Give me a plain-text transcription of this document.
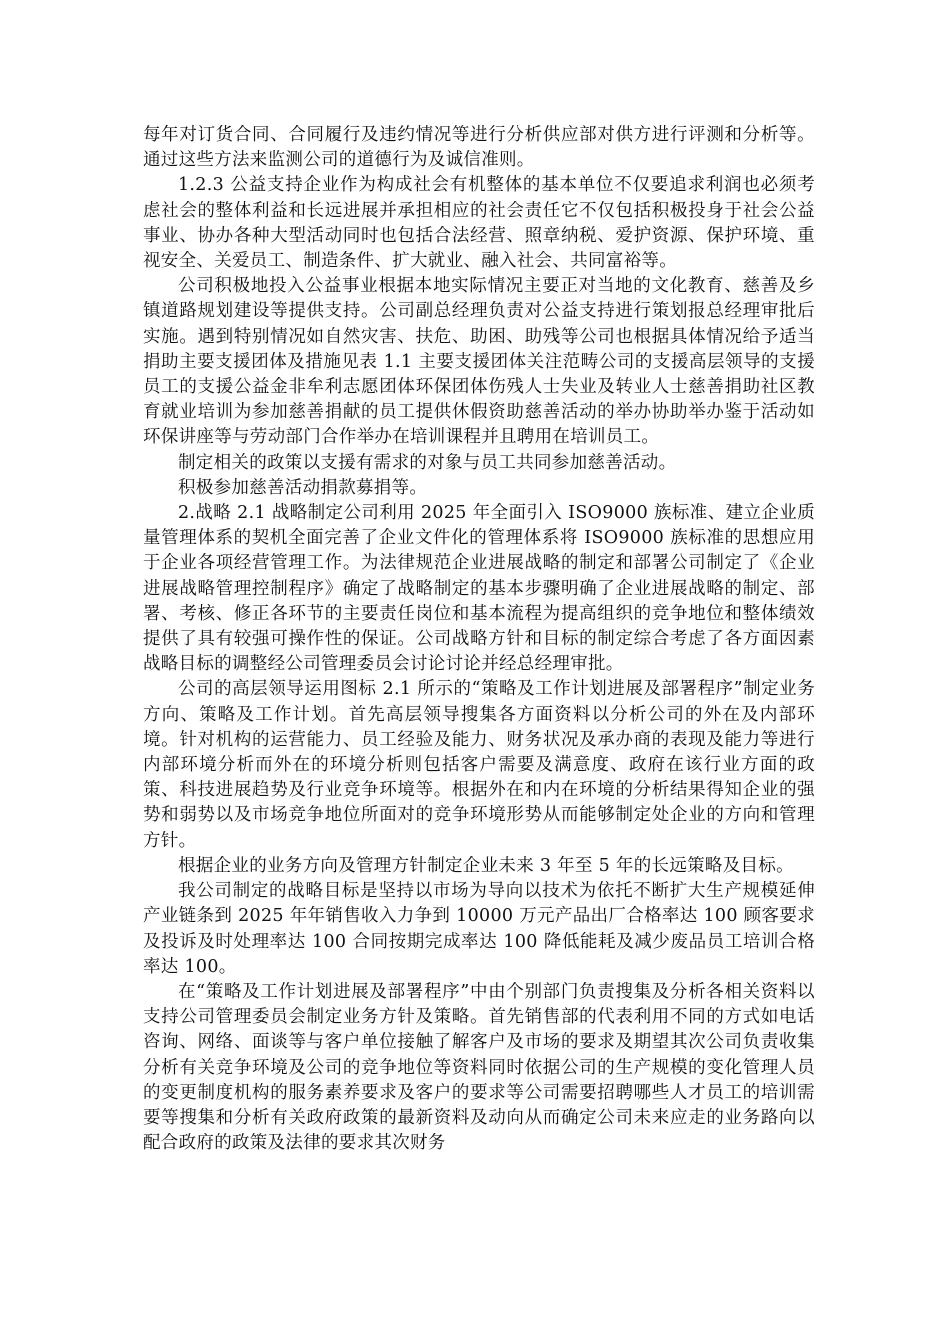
每年对订货合同、合同履行及违约情况等进行分析供应部对供方进行评测和分析等。通过这些方法来监测公司的道德行为及诚信准则。

1.2.3 公益支持企业作为构成社会有机整体的基本单位不仅要追求利润也必须考虑社会的整体利益和长远进展并承担相应的社会责任它不仅包括积极投身于社会公益事业、协办各种大型活动同时也包括合法经营、照章纳税、爱护资源、保护环境、重视安全、关爱员工、制造条件、扩大就业、融入社会、共同富裕等。

公司积极地投入公益事业根据本地实际情况主要正对当地的文化教育、慈善及乡镇道路规划建设等提供支持。公司副总经理负责对公益支持进行策划报总经理审批后实施。遇到特别情况如自然灾害、扶危、助困、助残等公司也根据具体情况给予适当捐助主要支援团体及措施见表 1.1 主要支援团体关注范畴公司的支援高层领导的支援员工的支援公益金非牟利志愿团体环保团体伤残人士失业及转业人士慈善捐助社区教育就业培训为参加慈善捐献的员工提供休假资助慈善活动的举办协助举办鉴于活动如环保讲座等与劳动部门合作举办在培训课程并且聘用在培训员工。

制定相关的政策以支援有需求的对象与员工共同参加慈善活动。

积极参加慈善活动捐款募捐等。

2.战略 2.1 战略制定公司利用 2025 年全面引入 ISO9000 族标准、建立企业质量管理体系的契机全面完善了企业文件化的管理体系将 ISO9000 族标准的思想应用于企业各项经营管理工作。为法律规范企业进展战略的制定和部署公司制定了《企业进展战略管理控制程序》确定了战略制定的基本步骤明确了企业进展战略的制定、部署、考核、修正各环节的主要责任岗位和基本流程为提高组织的竞争地位和整体绩效提供了具有较强可操作性的保证。公司战略方针和目标的制定综合考虑了各方面因素战略目标的调整经公司管理委员会讨论讨论并经总经理审批。

公司的高层领导运用图标 2.1 所示的“策略及工作计划进展及部署程序”制定业务方向、策略及工作计划。首先高层领导搜集各方面资料以分析公司的外在及内部环境。针对机构的运营能力、员工经验及能力、财务状况及承办商的表现及能力等进行内部环境分析而外在的环境分析则包括客户需要及满意度、政府在该行业方面的政策、科技进展趋势及行业竞争环境等。根据外在和内在环境的分析结果得知企业的强势和弱势以及市场竞争地位所面对的竞争环境形势从而能够制定处企业的方向和管理方针。

根据企业的业务方向及管理方针制定企业未来 3 年至 5 年的长远策略及目标。

我公司制定的战略目标是坚持以市场为导向以技术为依托不断扩大生产规模延伸产业链条到 2025 年年销售收入力争到 10000 万元产品出厂合格率达 100 顾客要求及投诉及时处理率达 100 合同按期完成率达 100 降低能耗及减少废品员工培训合格率达 100。

在“策略及工作计划进展及部署程序”中由个别部门负责搜集及分析各相关资料以支持公司管理委员会制定业务方针及策略。首先销售部的代表利用不同的方式如电话咨询、网络、面谈等与客户单位接触了解客户及市场的要求及期望其次公司负责收集分析有关竞争环境及公司的竞争地位等资料同时依据公司的生产规模的变化管理人员的变更制度机构的服务素养要求及客户的要求等公司需要招聘哪些人才员工的培训需要等搜集和分析有关政府政策的最新资料及动向从而确定公司未来应走的业务路向以配合政府的政策及法律的要求其次财务
